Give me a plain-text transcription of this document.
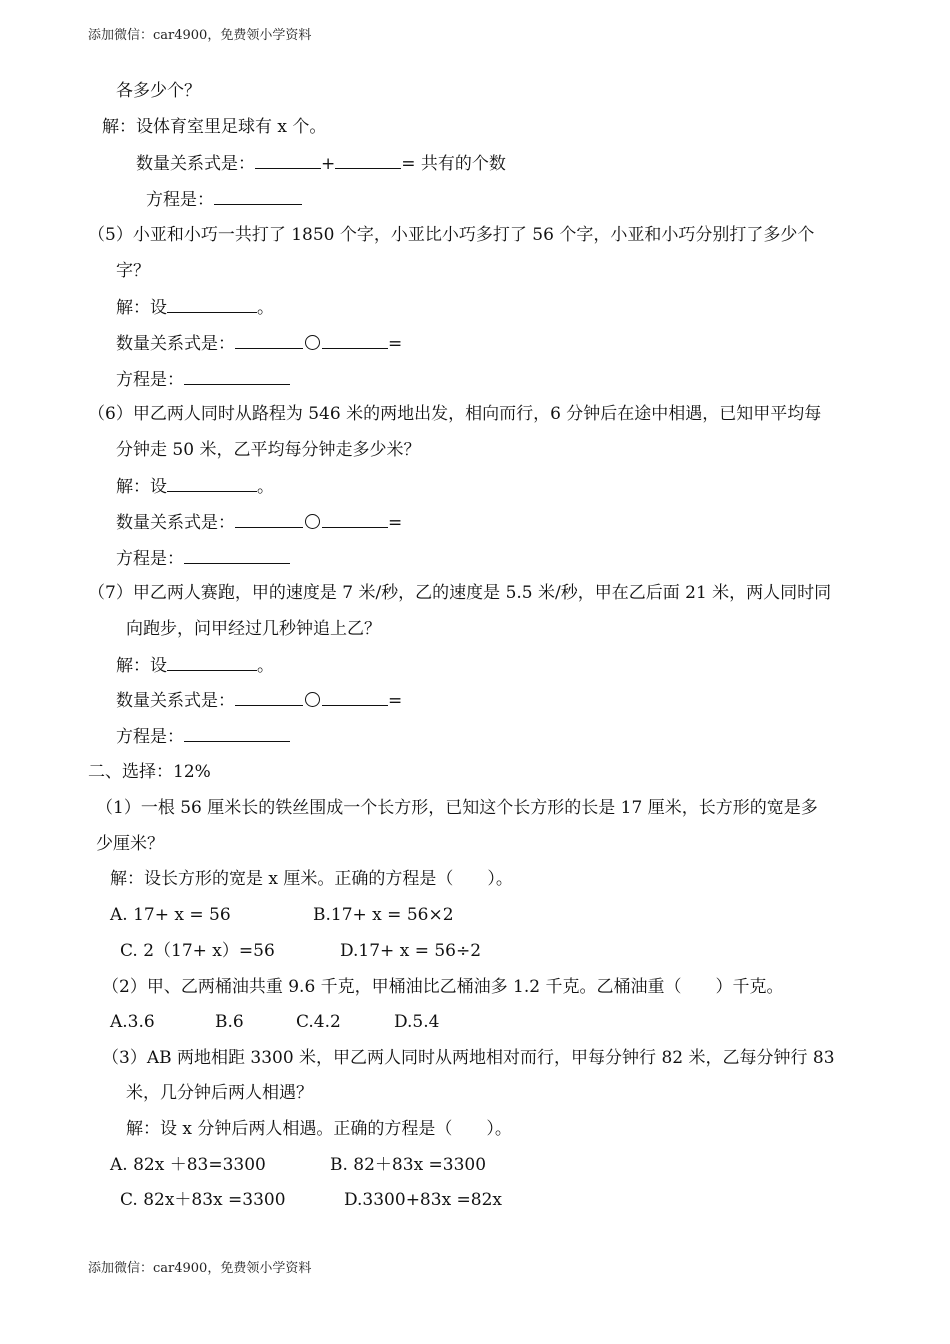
添加微信：car4900，免费领小学资料
各多少个？
解：设体育室里足球有 x 个。
数量关系式是：	+	= 共有的个数
方程是：
（5）小亚和小巧一共打了 1850 个字，小亚比小巧多打了 56 个字，小亚和小巧分别打了多少个
字？
解：设	。
数量关系式是：	=
方程是：
（6）甲乙两人同时从路程为 546 米的两地出发，相向而行，6 分钟后在途中相遇，已知甲平均每
分钟走 50 米，乙平均每分钟走多少米？
解：设	。
数量关系式是：	=
方程是：
（7）甲乙两人赛跑，甲的速度是 7 米/秒，乙的速度是 5.5 米/秒，甲在乙后面 21 米，两人同时同
向跑步，问甲经过几秒钟追上乙？
解：设	。
数量关系式是：	=
方程是：
二、选择：12%
（1）一根 56 厘米长的铁丝围成一个长方形，已知这个长方形的长是 17 厘米，长方形的宽是多
少厘米？
解：设长方形的宽是 x 厘米。正确的方程是（　　）。
A. 17+ x = 56	B.17+ x = 56×2
C. 2（17+ x）=56	D.17+ x = 56÷2
（2）甲、乙两桶油共重 9.6 千克，甲桶油比乙桶油多 1.2 千克。乙桶油重（　　）千克。
A.3.6	B.6	C.4.2	D.5.4
（3）AB 两地相距 3300 米，甲乙两人同时从两地相对而行，甲每分钟行 82 米，乙每分钟行 83
米，几分钟后两人相遇？
解：设 x 分钟后两人相遇。正确的方程是（　　）。
A. 82x ＋83=3300	B. 82＋83x =3300
C. 82x＋83x =3300	D.3300+83x =82x
添加微信：car4900，免费领小学资料
